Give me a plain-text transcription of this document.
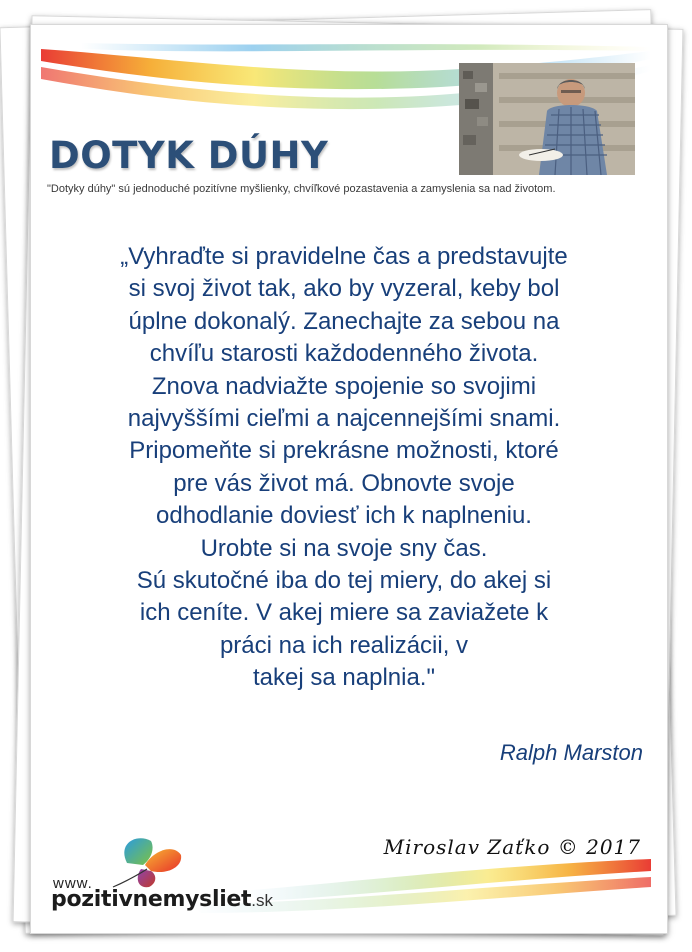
DOTYK DÚHY

"Dotyky dúhy" sú jednoduché pozitívne myšlienky, chvíľkové pozastavenia a zamyslenia sa nad životom.

„Vyhraďte si pravidelne čas a predstavujte
si svoj život tak, ako by vyzeral, keby bol
úplne dokonalý. Zanechajte za sebou na
chvíľu starosti každodenného života.
Znova nadviažte spojenie so svojimi
najvyššími cieľmi a najcennejšími snami.
Pripomeňte si prekrásne možnosti, ktoré
pre vás život má. Obnovte svoje
odhodlanie doviesť ich k naplneniu.
Urobte si na svoje sny čas.
Sú skutočné iba do tej miery, do akej si
ich ceníte. V akej miere sa zaviažete k
práci na ich realizácii, v
takej sa naplnia."

Ralph Marston

Miroslav Zaťko © 2017

www.

pozitivnemysliet.sk
